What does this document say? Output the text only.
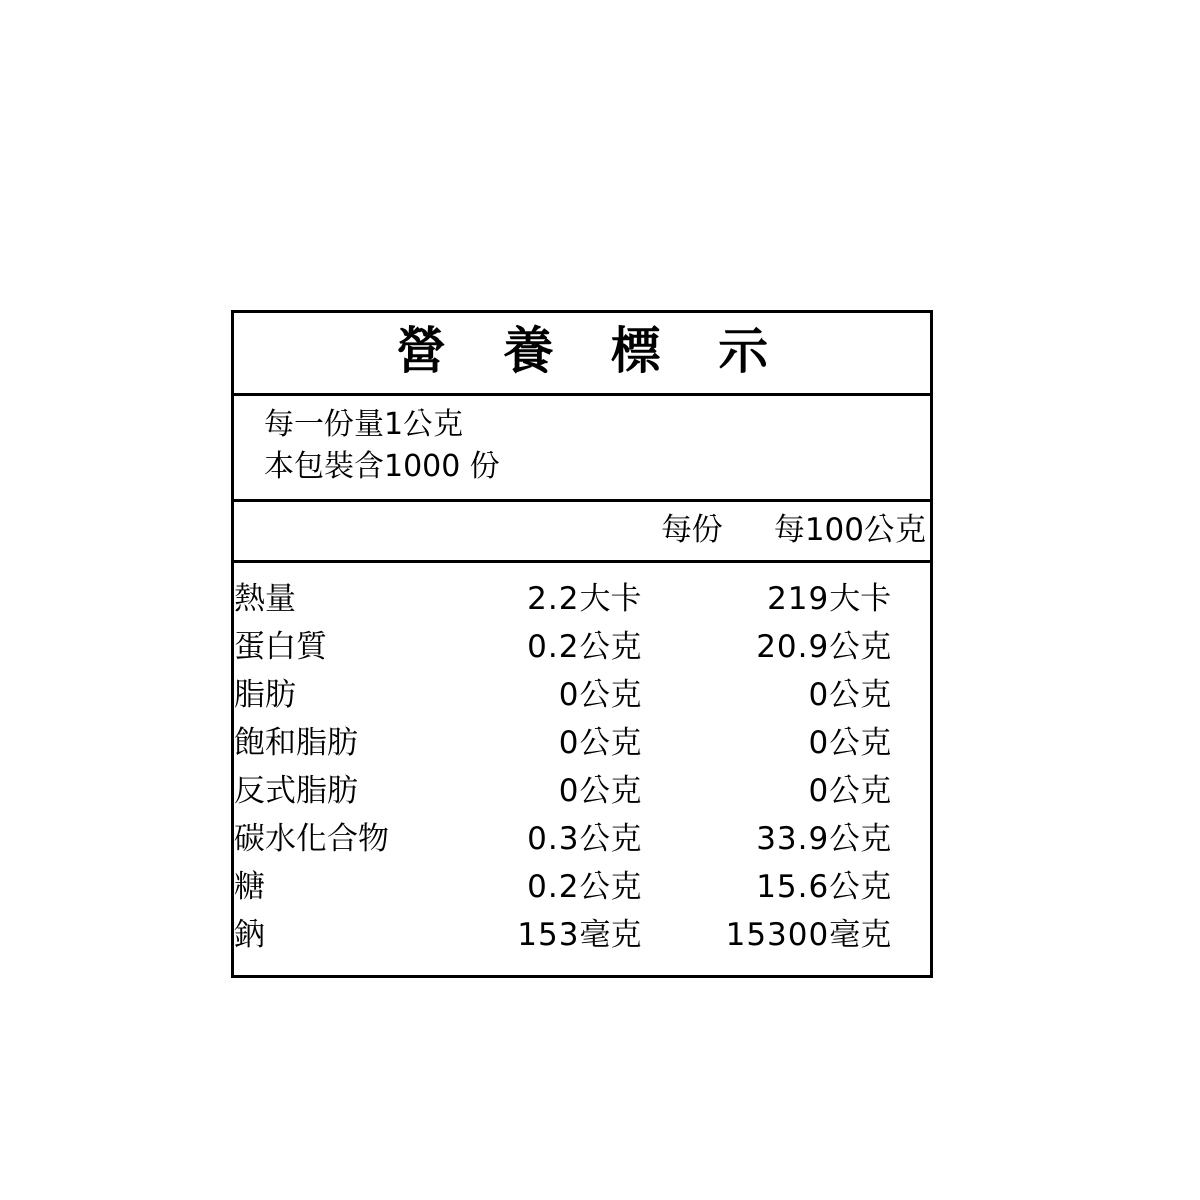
營 養 標 示
每一份量1公克
本包裝含1000 份
	每份	每100公克
熱量	2.2	大卡	219	大卡
蛋白質	0.2	公克	20.9	公克
脂肪	0	公克	0	公克
飽和脂肪	0	公克	0	公克
反式脂肪	0	公克	0	公克
碳水化合物	0.3	公克	33.9	公克
糖	0.2	公克	15.6	公克
鈉	153	毫克	15300	毫克
